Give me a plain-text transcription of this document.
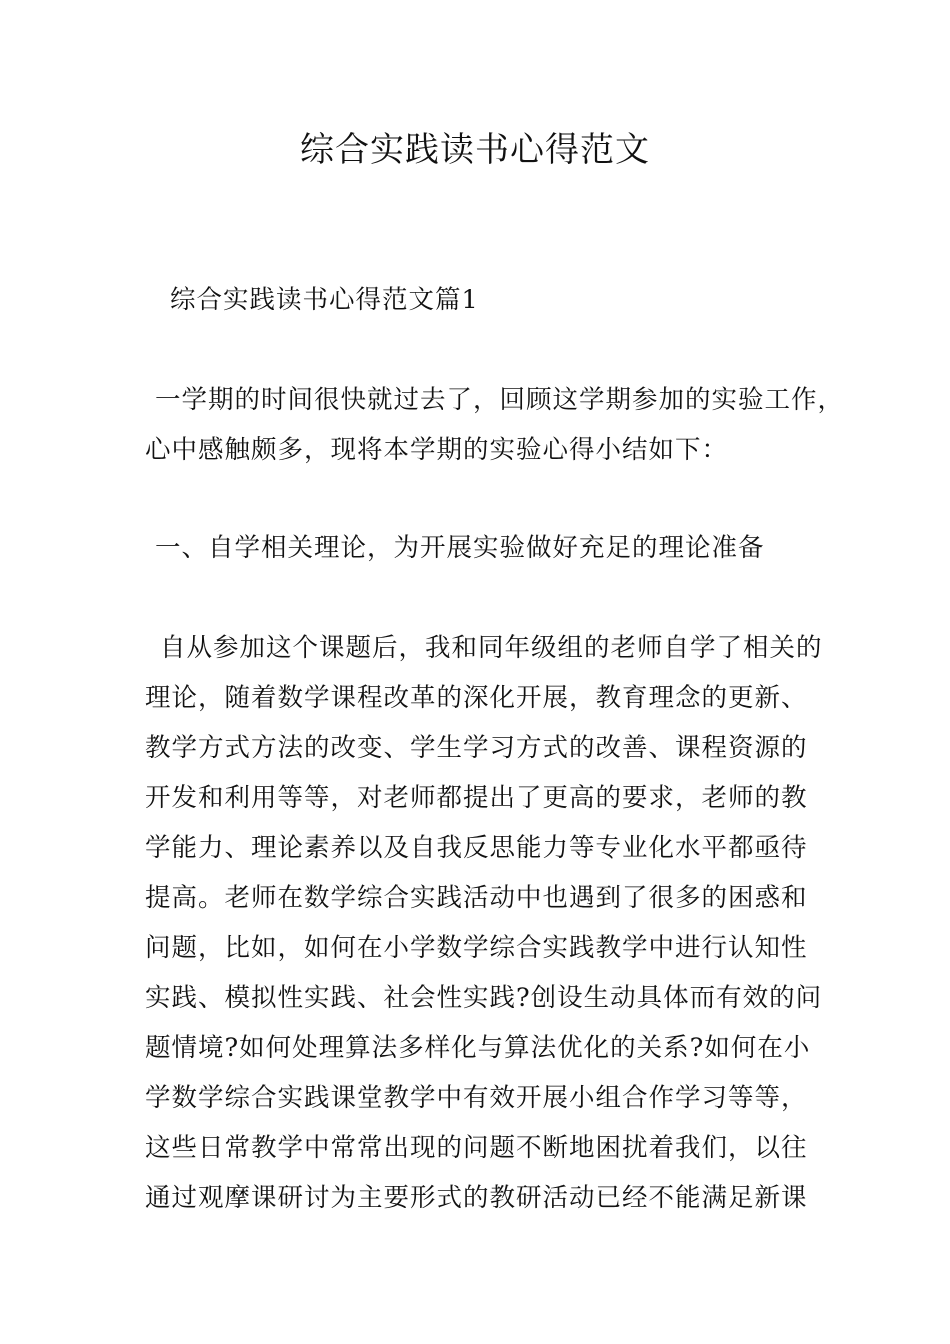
综合实践读书心得范文
综合实践读书心得范文篇1
一学期的时间很快就过去了，回顾这学期参加的实验工作，
心中感触颇多，现将本学期的实验心得小结如下：
一、自学相关理论，为开展实验做好充足的理论准备
自从参加这个课题后，我和同年级组的老师自学了相关的
理论，随着数学课程改革的深化开展，教育理念的更新、
教学方式方法的改变、学生学习方式的改善、课程资源的
开发和利用等等，对老师都提出了更高的要求，老师的教
学能力、理论素养以及自我反思能力等专业化水平都亟待
提高。老师在数学综合实践活动中也遇到了很多的困惑和
问题，比如，如何在小学数学综合实践教学中进行认知性
实践、模拟性实践、社会性实践?创设生动具体而有效的问
题情境?如何处理算法多样化与算法优化的关系?如何在小
学数学综合实践课堂教学中有效开展小组合作学习等等，
这些日常教学中常常出现的问题不断地困扰着我们，以往
通过观摩课研讨为主要形式的教研活动已经不能满足新课
